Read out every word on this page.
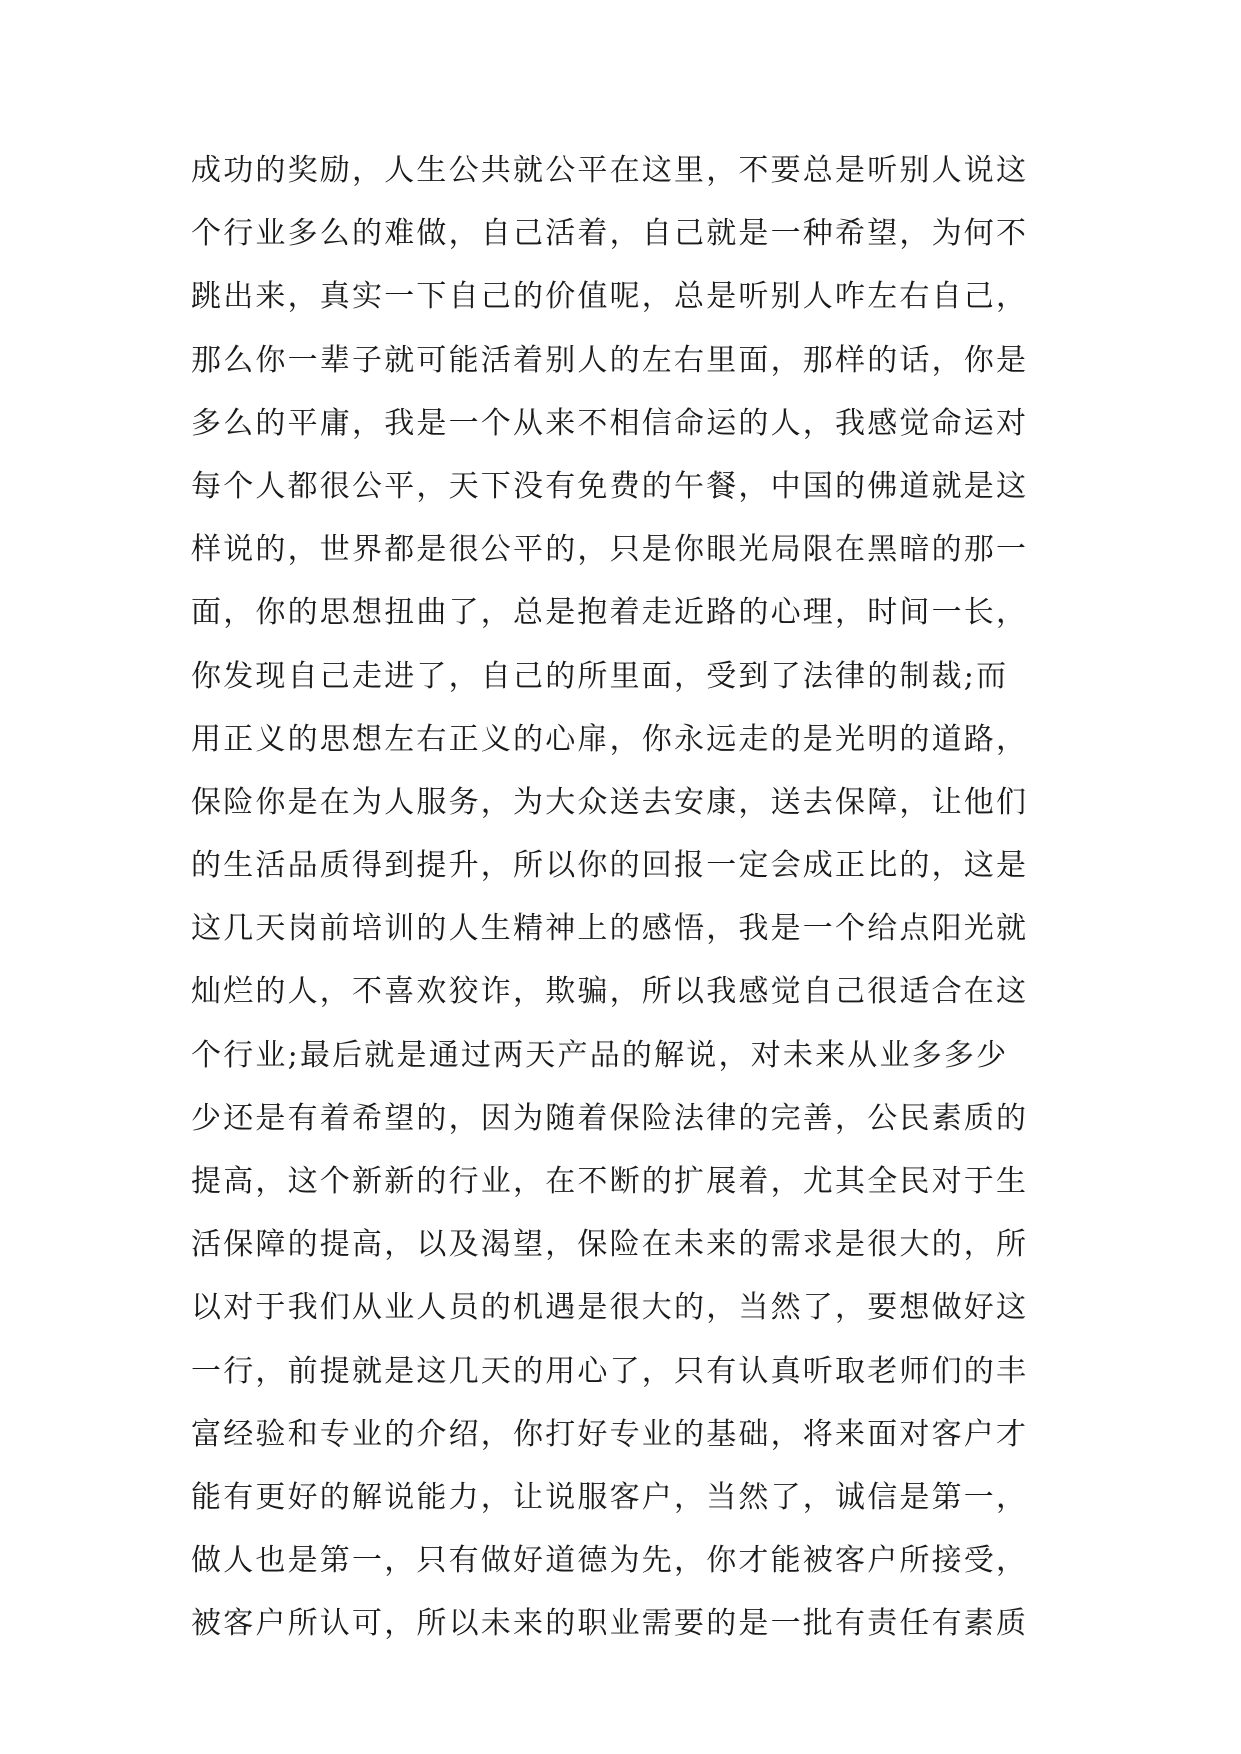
成功的奖励，人生公共就公平在这里，不要总是听别人说这
个行业多么的难做，自己活着，自己就是一种希望，为何不
跳出来，真实一下自己的价值呢，总是听别人咋左右自己，
那么你一辈子就可能活着别人的左右里面，那样的话，你是
多么的平庸，我是一个从来不相信命运的人，我感觉命运对
每个人都很公平，天下没有免费的午餐，中国的佛道就是这
样说的，世界都是很公平的，只是你眼光局限在黑暗的那一
面，你的思想扭曲了，总是抱着走近路的心理，时间一长，
你发现自己走进了，自己的所里面，受到了法律的制裁;而
用正义的思想左右正义的心扉，你永远走的是光明的道路，
保险你是在为人服务，为大众送去安康，送去保障，让他们
的生活品质得到提升，所以你的回报一定会成正比的，这是
这几天岗前培训的人生精神上的感悟，我是一个给点阳光就
灿烂的人，不喜欢狡诈，欺骗，所以我感觉自己很适合在这
个行业;最后就是通过两天产品的解说，对未来从业多多少
少还是有着希望的，因为随着保险法律的完善，公民素质的
提高，这个新新的行业，在不断的扩展着，尤其全民对于生
活保障的提高，以及渴望，保险在未来的需求是很大的，所
以对于我们从业人员的机遇是很大的，当然了，要想做好这
一行，前提就是这几天的用心了，只有认真听取老师们的丰
富经验和专业的介绍，你打好专业的基础，将来面对客户才
能有更好的解说能力，让说服客户，当然了，诚信是第一，
做人也是第一，只有做好道德为先，你才能被客户所接受，
被客户所认可，所以未来的职业需要的是一批有责任有素质
